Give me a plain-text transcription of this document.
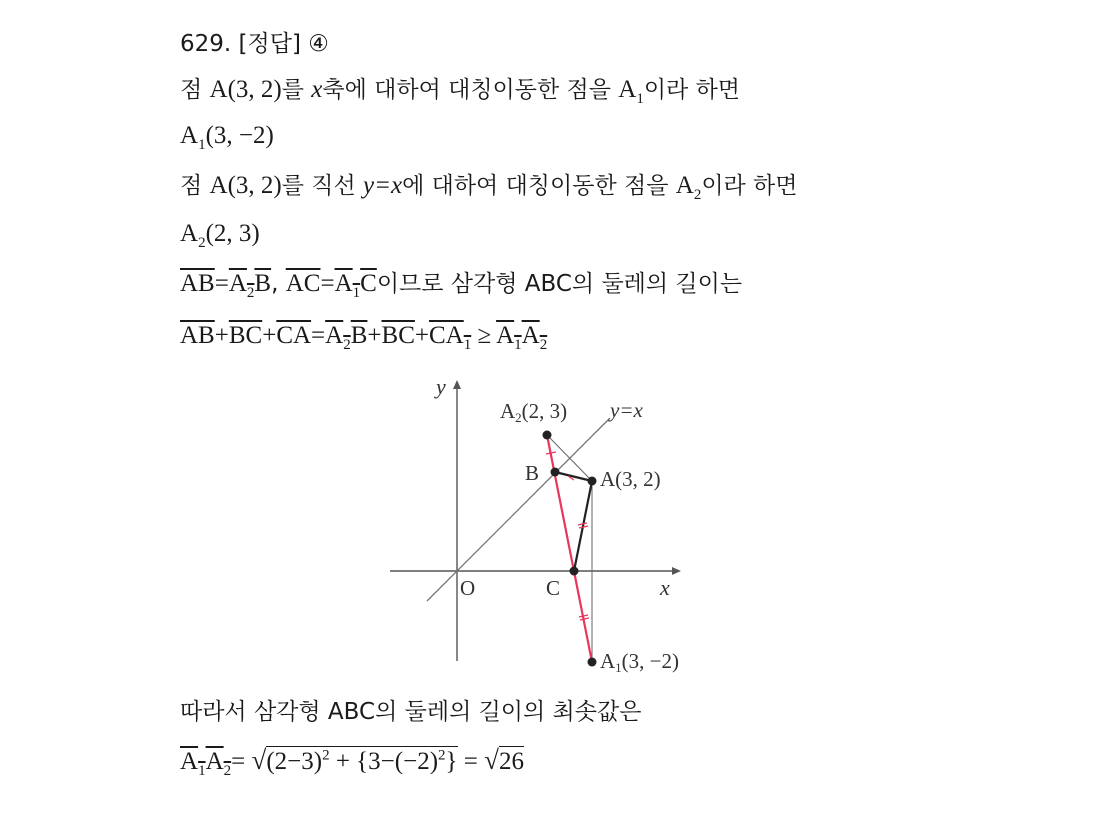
629. [정답] ④
점 A(3, 2)를 x축에 대하여 대칭이동한 점을 $A_1$이라 하면
$A_1(3$, −2)
점 A(3, 2)를 직선 y=x에 대하여 대칭이동한 점을 $A_2$이라 하면
$A_2(2$, 3)
$\overline{AB}=A_2B$, $\overline{AC}=A_1C$이므로 삼각형 ABC의 둘레의 길이는
$\overline{AB}+\overline{BC}+\overline{CA}=A_2B+\overline{BC}+CA_1 \ge A_1A_2$
y
x
O
y=x
A2(2, 3)
B	A(3, 2)
C
A1(3, −2)
따라서 삼각형 ABC의 둘레의 길이의 최솟값은
$A_1A_2= √(2-3)^2 + \{3-(-2)^2\} = √26$
